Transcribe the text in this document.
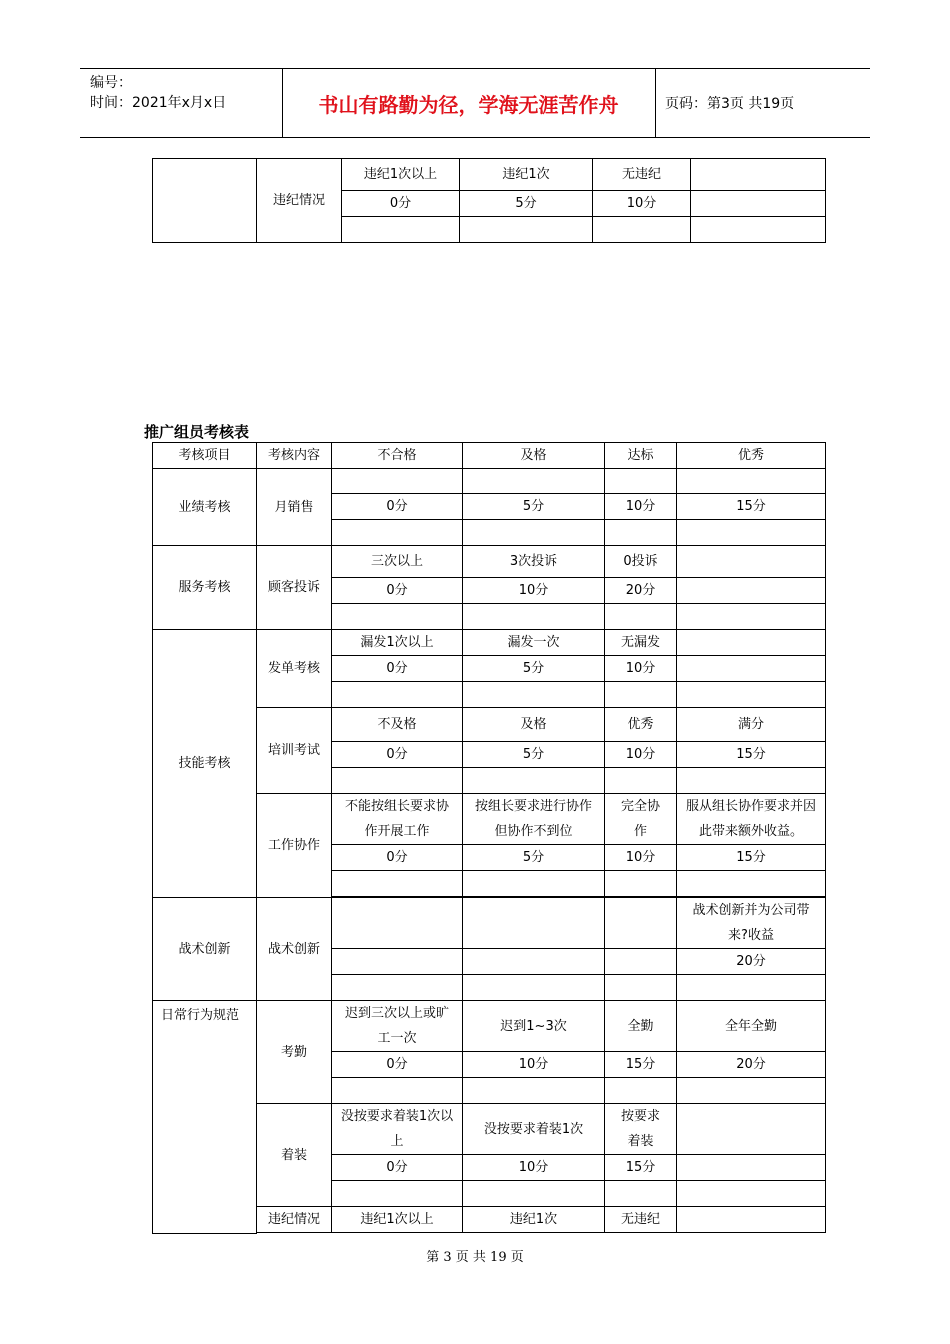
编号：
时间：2021年x月x日	书山有路勤为径，学海无涯苦作舟	页码：第3页 共19页
	违纪情况	违纪1次以上	违纪1次	无违纪	
		0分	5分	10分	

推广组员考核表
考核项目	考核内容	不合格	及格	达标	优秀
业绩考核	月销售				
		0分	5分	10分	15分

服务考核	顾客投诉	三次以上	3次投诉	0投诉	
		0分	10分	20分	

技能考核	发单考核	漏发1次以上	漏发一次	无漏发	
		0分	5分	10分	

	培训考试	不及格	及格	优秀	满分
		0分	5分	10分	15分

	工作协作	不能按组长要求协作开展工作	按组长要求进行协作但协作不到位	完全协作	服从组长协作要求并因此带来额外收益。
		0分	5分	10分	15分

战术创新	战术创新				战术创新并为公司带来?收益
					20分

日常行为规范	考勤	迟到三次以上或旷工一次	迟到1~3次	全勤	全年全勤
		0分	10分	15分	20分

	着装	没按要求着装1次以上	没按要求着装1次	按要求着装	
		0分	10分	15分	

	违纪情况	违纪1次以上	违纪1次	无违纪	

第 3 页 共 19 页
